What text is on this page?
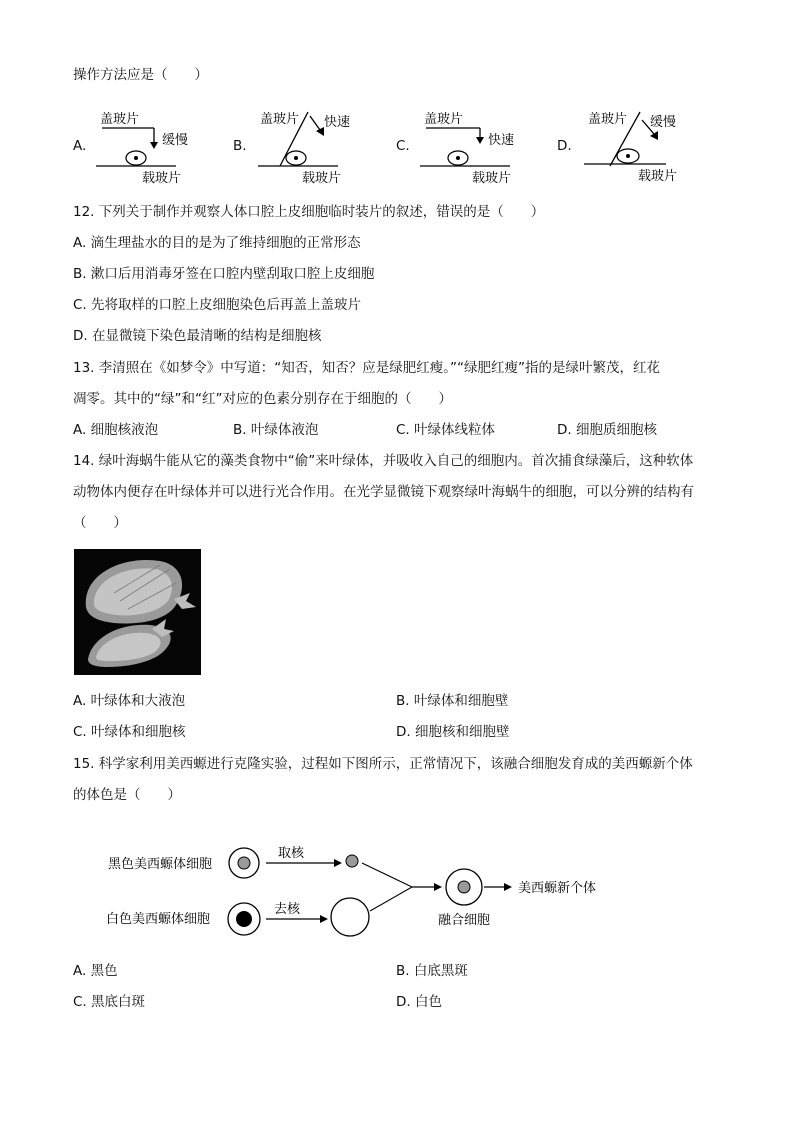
操作方法应是（　　）
A.
盖玻片
缓慢
载玻片
B.
盖玻片 快速
载玻片
C.
盖玻片
快速
载玻片
D.
盖玻片 缓慢
载玻片
12. 下列关于制作并观察人体口腔上皮细胞临时装片的叙述，错误的是（　　）
A. 滴生理盐水的目的是为了维持细胞的正常形态
B. 漱口后用消毒牙签在口腔内壁刮取口腔上皮细胞
C. 先将取样的口腔上皮细胞染色后再盖上盖玻片
D. 在显微镜下染色最清晰的结构是细胞核
13. 李清照在《如梦令》中写道：“知否，知否？应是绿肥红瘦。”“绿肥红瘦”指的是绿叶繁茂，红花
凋零。其中的“绿”和“红”对应的色素分别存在于细胞的（　　）
A. 细胞核液泡	B. 叶绿体液泡	C. 叶绿体线粒体	D. 细胞质细胞核
14. 绿叶海蜗牛能从它的藻类食物中“偷”来叶绿体，并吸收入自己的细胞内。首次捕食绿藻后，这种软体
动物体内便存在叶绿体并可以进行光合作用。在光学显微镜下观察绿叶海蜗牛的细胞，可以分辨的结构有
（　　）
A. 叶绿体和大液泡	B. 叶绿体和细胞壁
C. 叶绿体和细胞核	D. 细胞核和细胞壁
15. 科学家利用美西螈进行克隆实验，过程如下图所示，正常情况下，该融合细胞发育成的美西螈新个体
的体色是（　　）
黑色美西螈体细胞
取核
白色美西螈体细胞
去核
融合细胞
美西螈新个体
A. 黑色	B. 白底黑斑
C. 黑底白斑	D. 白色
